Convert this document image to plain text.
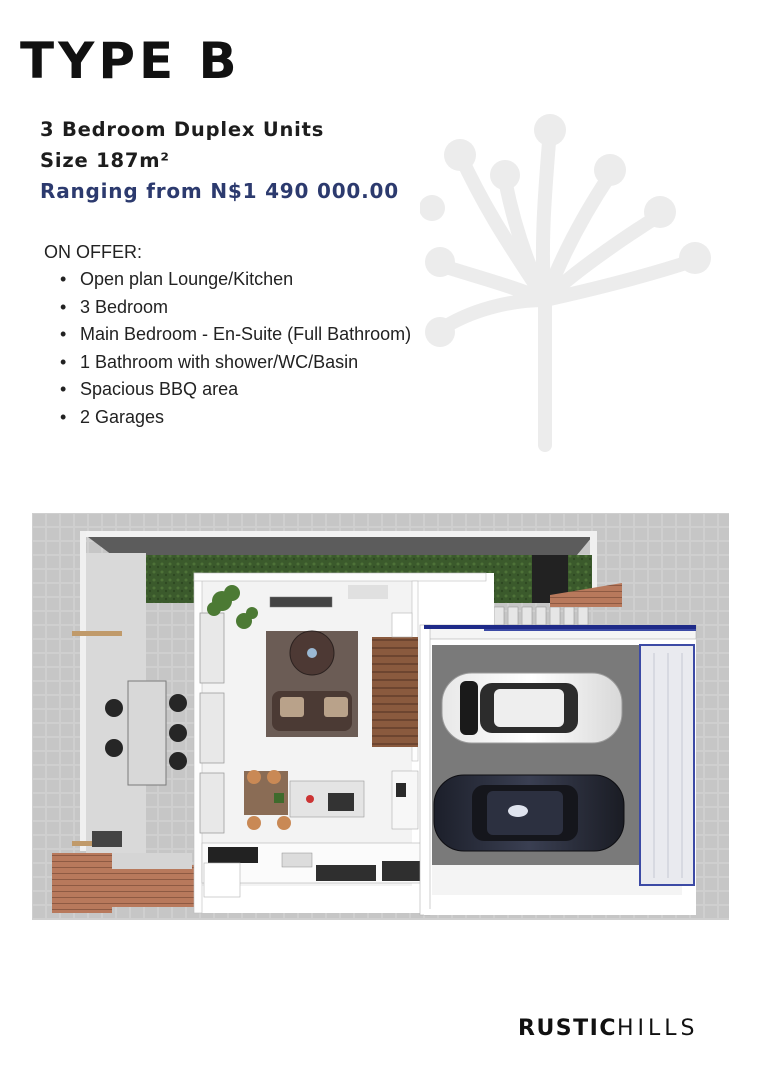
TYPE B
3 Bedroom Duplex Units
Size 187m²
Ranging from N$1 490 000.00
ON OFFER:
• Open plan Lounge/Kitchen
• 3 Bedroom
• Main Bedroom - En-Suite (Full Bathroom)
• 1 Bathroom with shower/WC/Basin
• Spacious BBQ area
• 2 Garages
RUSTICHILLS
